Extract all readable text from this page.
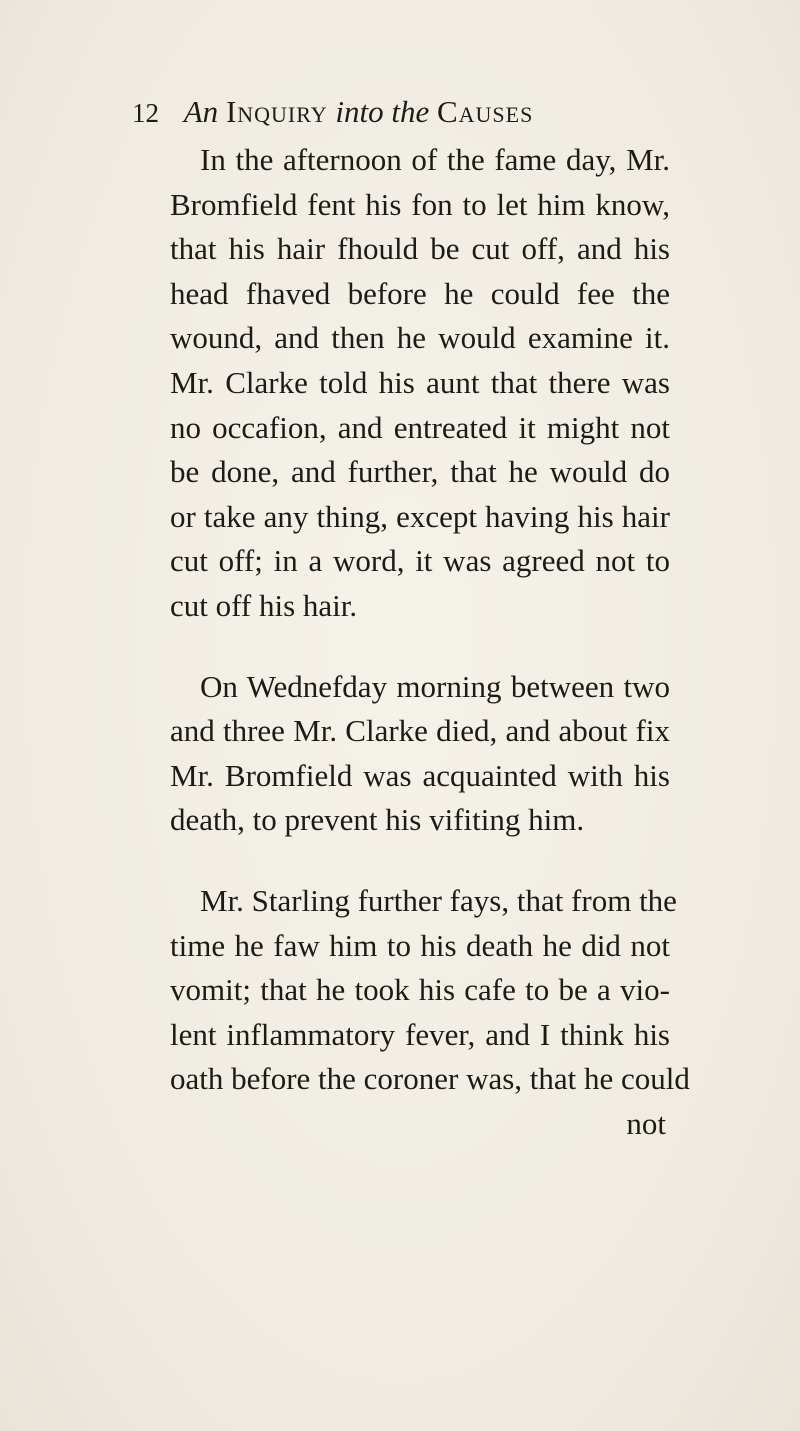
12 An Inquiry into the Causes
In the afternoon of the fame day, Mr.
Bromfield fent his fon to let him know,
that his hair fhould be cut off, and his
head fhaved before he could fee the
wound, and then he would examine it.
Mr. Clarke told his aunt that there was
no occafion, and entreated it might not
be done, and further, that he would do
or take any thing, except having his hair
cut off; in a word, it was agreed not to
cut off his hair.
On Wednefday morning between two
and three Mr. Clarke died, and about fix
Mr. Bromfield was acquainted with his
death, to prevent his vifiting him.
Mr. Starling further fays, that from the
time he faw him to his death he did not
vomit; that he took his cafe to be a vio-
lent inflammatory fever, and I think his
oath before the coroner was, that he could
not
